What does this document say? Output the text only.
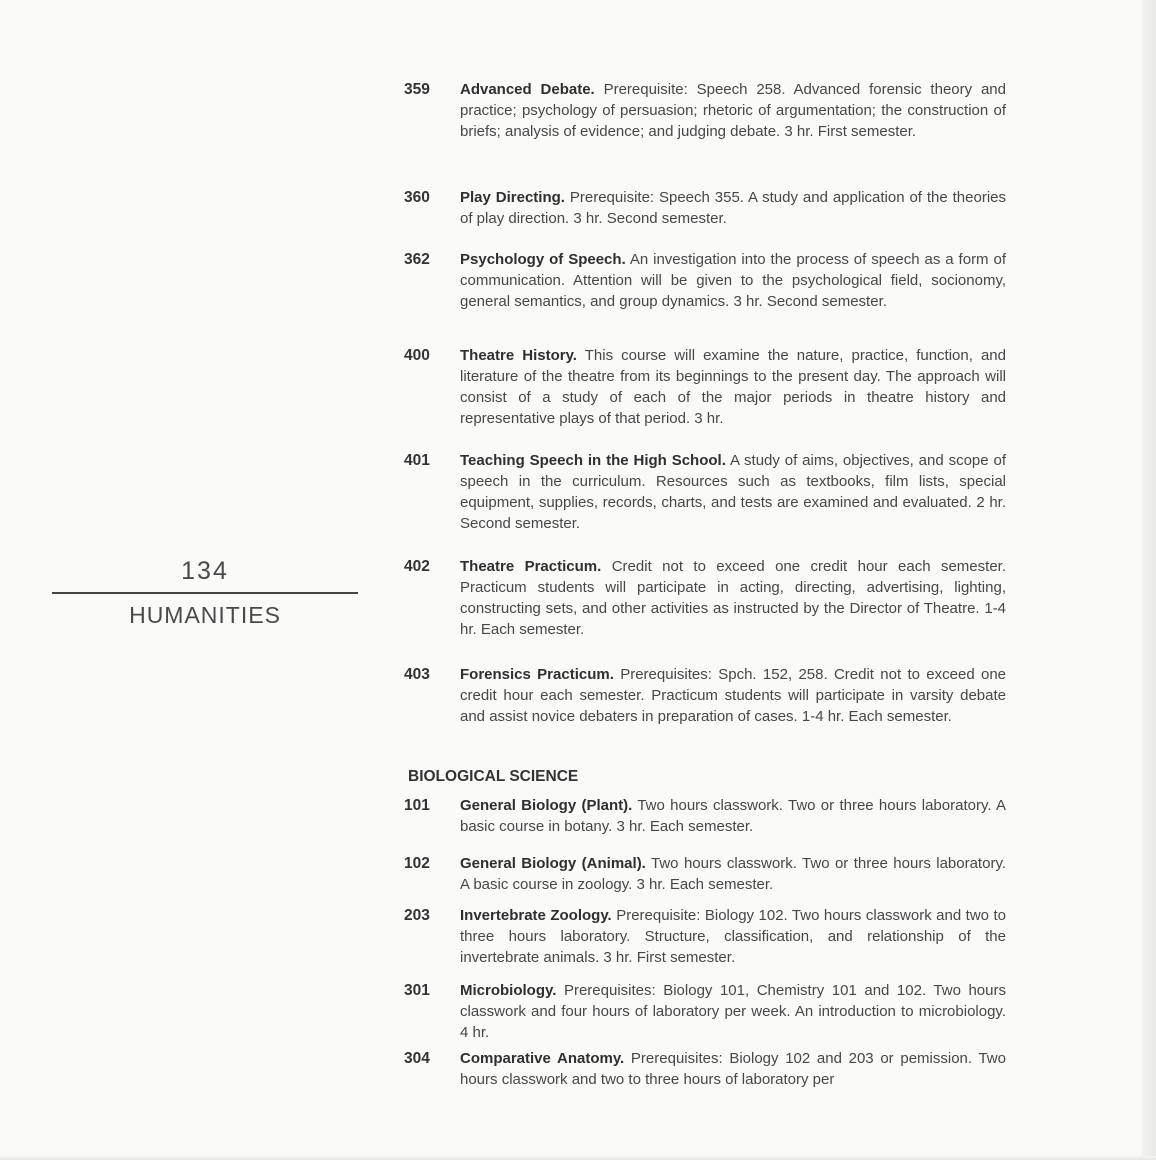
134
HUMANITIES
359	Advanced Debate. Prerequisite: Speech 258. Advanced forensic theory and practice; psychology of persuasion; rhetoric of argumentation; the construction of briefs; analysis of evidence; and judging debate. 3 hr. First semester.
360	Play Directing. Prerequisite: Speech 355. A study and application of the theories of play direction. 3 hr. Second semester.
362	Psychology of Speech. An investigation into the process of speech as a form of communication. Attention will be given to the psychological field, socionomy, general semantics, and group dynamics. 3 hr. Second semester.
400	Theatre History. This course will examine the nature, practice, function, and literature of the theatre from its beginnings to the present day. The approach will consist of a study of each of the major periods in theatre history and representative plays of that period. 3 hr.
401	Teaching Speech in the High School. A study of aims, objectives, and scope of speech in the curriculum. Resources such as textbooks, film lists, special equipment, supplies, records, charts, and tests are examined and evaluated. 2 hr. Second semester.
402	Theatre Practicum. Credit not to exceed one credit hour each semester. Practicum students will participate in acting, directing, advertising, lighting, constructing sets, and other activities as instructed by the Director of Theatre. 1-4 hr. Each semester.
403	Forensics Practicum. Prerequisites: Spch. 152, 258. Credit not to exceed one credit hour each semester. Practicum students will participate in varsity debate and assist novice debaters in preparation of cases. 1-4 hr. Each semester.
BIOLOGICAL SCIENCE
101	General Biology (Plant). Two hours classwork. Two or three hours laboratory. A basic course in botany. 3 hr. Each semester.
102	General Biology (Animal). Two hours classwork. Two or three hours laboratory. A basic course in zoology. 3 hr. Each semester.
203	Invertebrate Zoology. Prerequisite: Biology 102. Two hours classwork and two to three hours laboratory. Structure, classification, and relationship of the invertebrate animals. 3 hr. First semester.
301	Microbiology. Prerequisites: Biology 101, Chemistry 101 and 102. Two hours classwork and four hours of laboratory per week. An introduction to microbiology. 4 hr.
304	Comparative Anatomy. Prerequisites: Biology 102 and 203 or pemission. Two hours classwork and two to three hours of laboratory per
